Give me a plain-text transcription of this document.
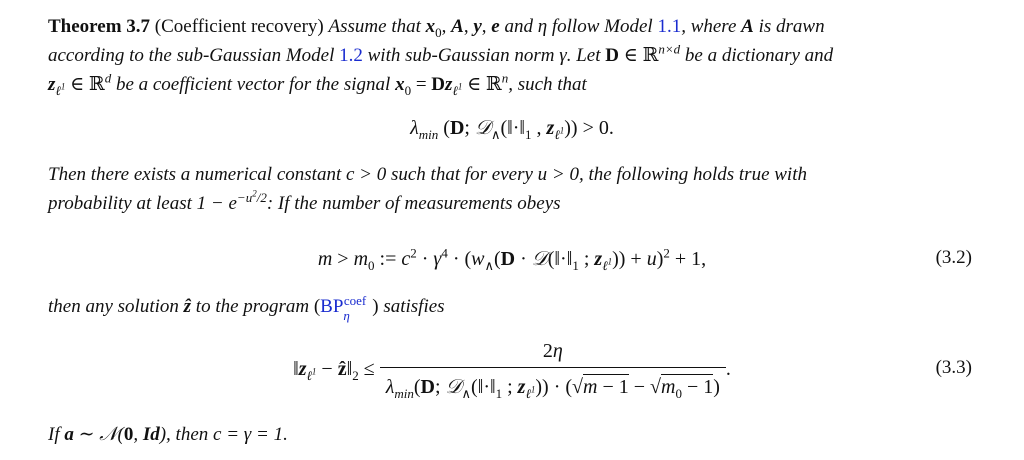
Theorem 3.7 (Coefficient recovery) Assume that $x_0$, A, y, e and η follow Model 1.1, where A is drawn
according to the sub-Gaussian Model 1.2 with sub-Gaussian norm γ. Let D ∈ ℝ$^{n\times d}$ be a dictionary and
$z_{\ell^1}$ ∈ ℝ$^d$ be a coefficient vector for the signal $x_0 = Dz_{\ell^1}$ ∈ ℝ$^n$, such that
$\lambda_{min}$ (D; $𝒟_\wedge(‖\cdot‖_1$ , $z_{\ell^1})) > 0$.
Then there exists a numerical constant c > 0 such that for every u > 0, the following holds true with
probability at least $1 - e^{-u^2/2}$: If the number of measurements obeys
$m > m_0$ := $c^2 \cdot \gamma^4 \cdot (w_\wedge(D$ · $𝒟(‖\cdot‖_1$ ; $z_{\ell^1})) + u)^2 + 1$,	(3.2)
then any solution ẑ to the program ($BP_\eta^{coef}$ ) satisfies
$‖z_{\ell^1}$ − $ẑ‖_2 \le \frac{2\eta}{\lambda_{min}(D; 𝒟_\wedge(‖\cdot‖_1 ; z_{\ell^1})) \cdot (√m - 1 - √m_0 - 1)}$ .	(3.3)
If a ∼ 𝒩(0, Id), then c = γ = 1.
